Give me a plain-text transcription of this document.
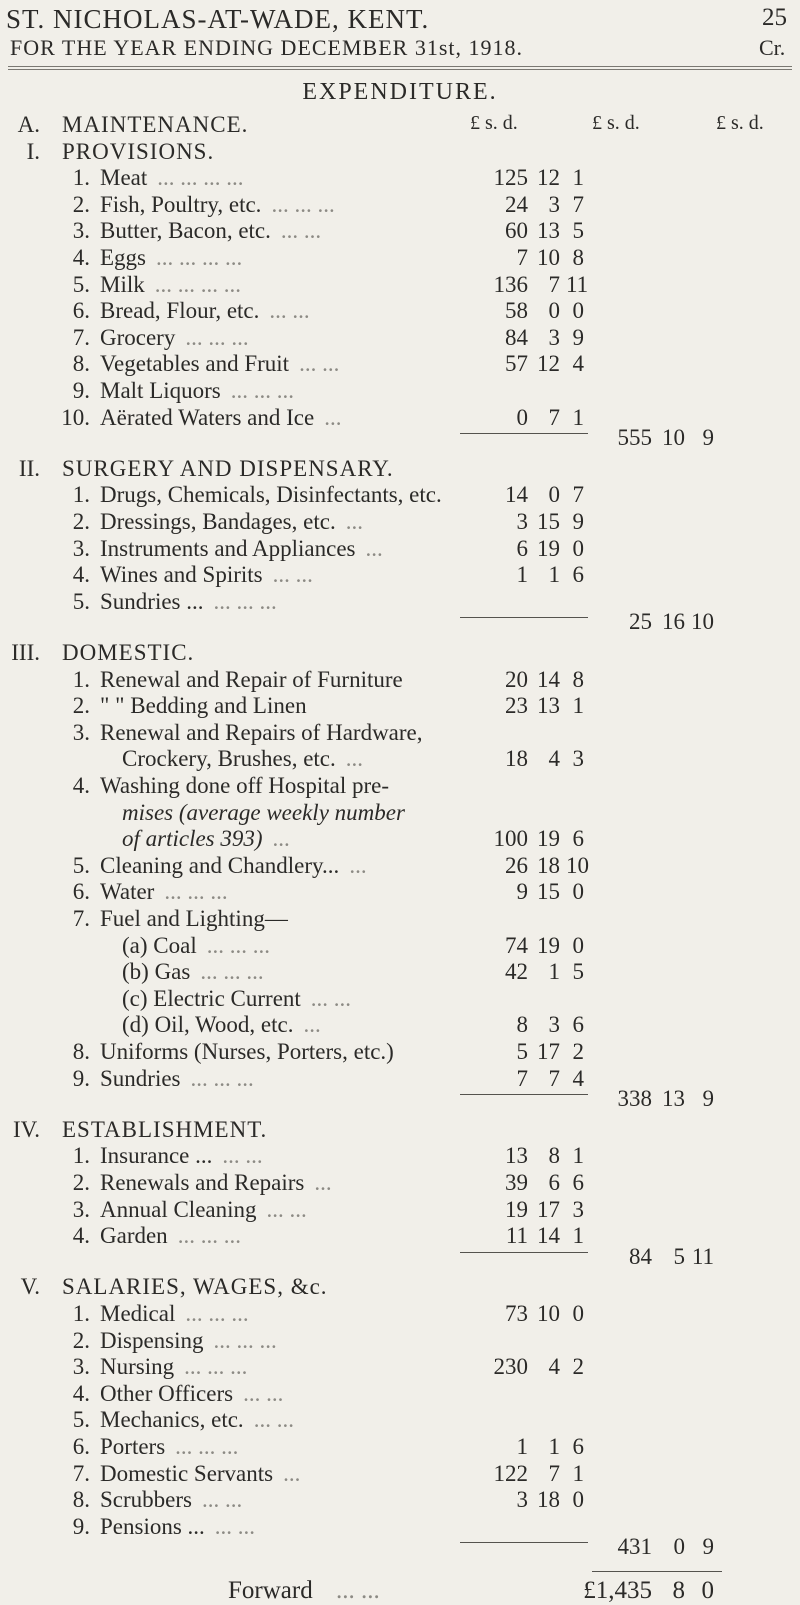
ST. NICHOLAS-AT-WADE, KENT.	25
FOR THE YEAR ENDING DECEMBER 31st, 1918.	Cr.
EXPENDITURE.
A. MAINTENANCE.	£ s. d.	£ s. d.	£ s. d.
I. PROVISIONS.
1. Meat ... ... ... ...	125 12 1
2. Fish, Poultry, etc. ... ... ...	24 3 7
3. Butter, Bacon, etc. ... ...	60 13 5
4. Eggs ... ... ... ...	7 10 8
5. Milk ... ... ... ...	136 7 11
6. Bread, Flour, etc. ... ...	58 0 0
7. Grocery ... ... ...	84 3 9
8. Vegetables and Fruit ... ...	57 12 4
9. Malt Liquors ... ... ...
10. Aërated Waters and Ice ...	0 7 1
555 10 9
II. SURGERY AND DISPENSARY.
1. Drugs, Chemicals, Disinfectants, etc.	14 0 7
2. Dressings, Bandages, etc. ...	3 15 9
3. Instruments and Appliances ...	6 19 0
4. Wines and Spirits ... ...	1 1 6
5. Sundries ... ... ... ...
25 16 10
III. DOMESTIC.
1. Renewal and Repair of Furniture	20 14 8
2. " " Bedding and Linen	23 13 1
3. Renewal and Repairs of Hardware,
Crockery, Brushes, etc. ...	18 4 3
4. Washing done off Hospital pre-
mises (average weekly number
of articles 393) ...	100 19 6
5. Cleaning and Chandlery... ...	26 18 10
6. Water ... ... ...	9 15 0
7. Fuel and Lighting—
(a) Coal ... ... ...	74 19 0
(b) Gas ... ... ...	42 1 5
(c) Electric Current ... ...
(d) Oil, Wood, etc. ...	8 3 6
8. Uniforms (Nurses, Porters, etc.)	5 17 2
9. Sundries ... ... ...	7 7 4
338 13 9
IV. ESTABLISHMENT.
1. Insurance ... ... ...	13 8 1
2. Renewals and Repairs ...	39 6 6
3. Annual Cleaning ... ...	19 17 3
4. Garden ... ... ...	11 14 1
84 5 11
V. SALARIES, WAGES, &c.
1. Medical ... ... ...	73 10 0
2. Dispensing ... ... ...
3. Nursing ... ... ...	230 4 2
4. Other Officers ... ...
5. Mechanics, etc. ... ...
6. Porters ... ... ...	1 1 6
7. Domestic Servants ...	122 7 1
8. Scrubbers ... ...	3 18 0
9. Pensions ... ... ...
431 0 9
Forward ... ...	£1,435 8 0
